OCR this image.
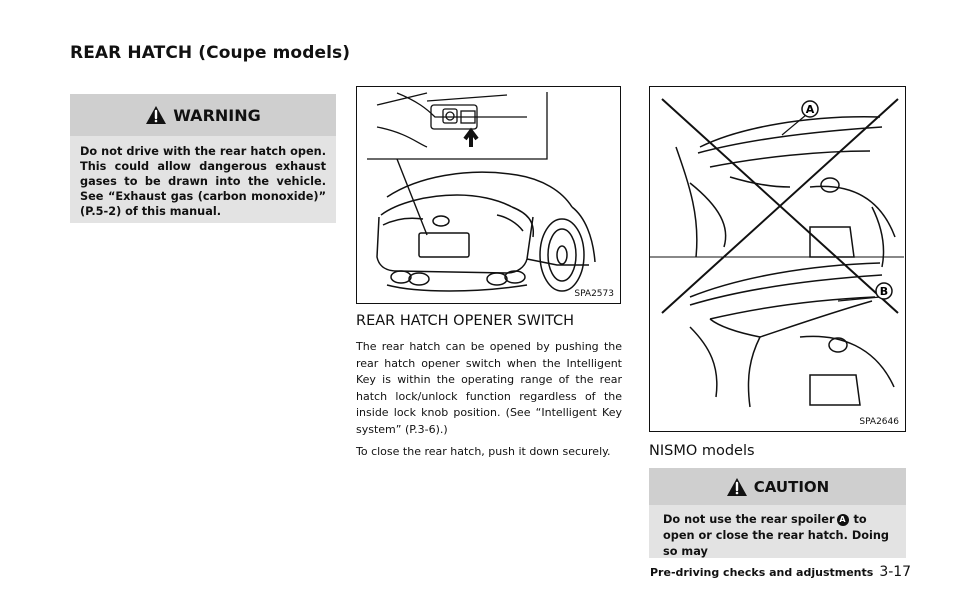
REAR HATCH (Coupe models)
WARNING

Do not drive with the rear hatch open. This could allow dangerous exhaust gases to be drawn into the vehicle. See “Exhaust gas (carbon monoxide)” (P.5-2) of this manual.

SPA2573
REAR HATCH OPENER SWITCH

The rear hatch can be opened by pushing the rear hatch opener switch when the Intelligent Key is within the operating range of the rear hatch lock/unlock function regardless of the inside lock knob position. (See “Intelligent Key system” (P.3-6).)

To close the rear hatch, push it down securely.

A
B
SPA2646
NISMO models
CAUTION
Do not use the rear spoiler A to open or close the rear hatch. Doing so may
Pre-driving checks and adjustments 3-17
